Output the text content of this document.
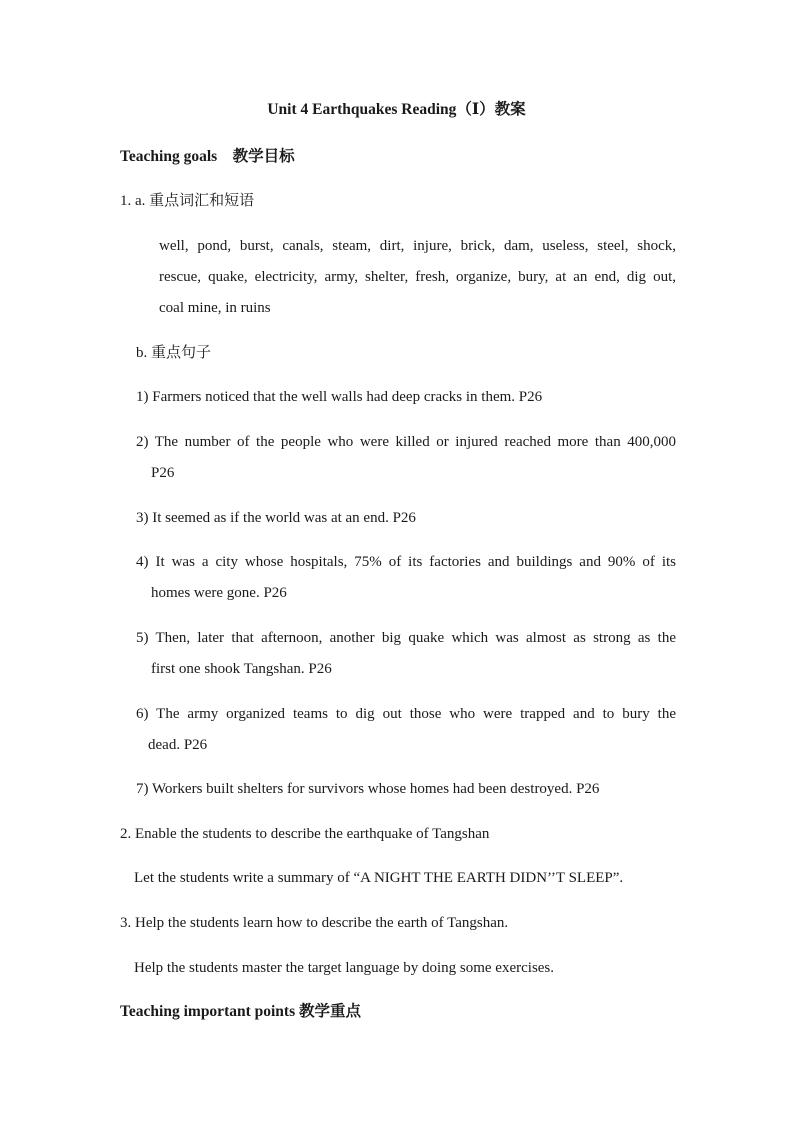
Unit 4 Earthquakes Reading（Ⅰ）教案
Teaching goals　教学目标
1. a. 重点词汇和短语
well, pond, burst, canals, steam, dirt, injure, brick, dam, useless, steel, shock,
rescue, quake, electricity, army, shelter, fresh, organize, bury, at an end, dig out,
coal mine, in ruins
b. 重点句子
1) Farmers noticed that the well walls had deep cracks in them. P26
2) The number of the people who were killed or injured reached more than 400,000
P26
3) It seemed as if the world was at an end. P26
4) It was a city whose hospitals, 75% of its factories and buildings and 90% of its
homes were gone. P26
5) Then, later that afternoon, another big quake which was almost as strong as the
first one shook Tangshan. P26
6) The army organized teams to dig out those who were trapped and to bury the
dead. P26
7) Workers built shelters for survivors whose homes had been destroyed. P26
2. Enable the students to describe the earthquake of Tangshan
Let the students write a summary of “A NIGHT THE EARTH DIDN’’T SLEEP”.
3. Help the students learn how to describe the earth of Tangshan.
Help the students master the target language by doing some exercises.
Teaching important points 教学重点
